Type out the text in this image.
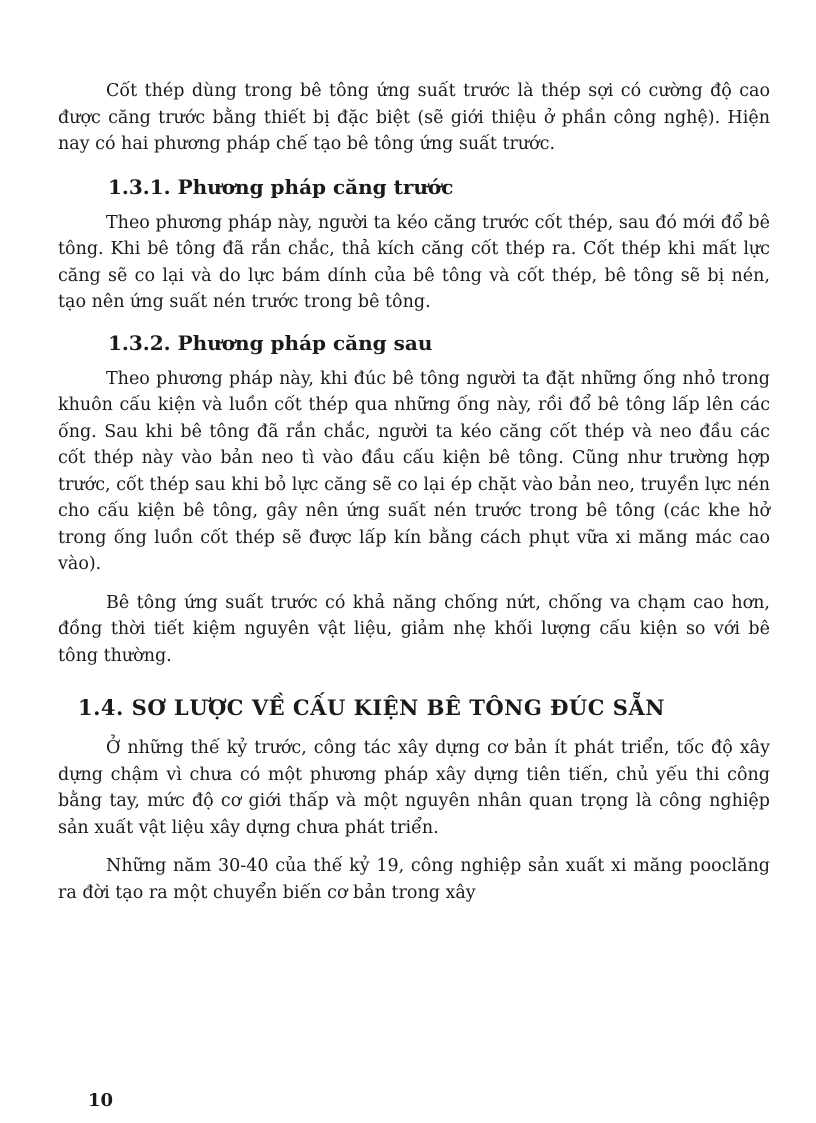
Cốt thép dùng trong bê tông ứng suất trước là thép sợi có cường độ cao được căng trước bằng thiết bị đặc biệt (sẽ giới thiệu ở phần công nghệ). Hiện nay có hai phương pháp chế tạo bê tông ứng suất trước.

1.3.1. Phương pháp căng trước

Theo phương pháp này, người ta kéo căng trước cốt thép, sau đó mới đổ bê tông. Khi bê tông đã rắn chắc, thả kích căng cốt thép ra. Cốt thép khi mất lực căng sẽ co lại và do lực bám dính của bê tông và cốt thép, bê tông sẽ bị nén, tạo nên ứng suất nén trước trong bê tông.

1.3.2. Phương pháp căng sau

Theo phương pháp này, khi đúc bê tông người ta đặt những ống nhỏ trong khuôn cấu kiện và luồn cốt thép qua những ống này, rồi đổ bê tông lấp lên các ống. Sau khi bê tông đã rắn chắc, người ta kéo căng cốt thép và neo đầu các cốt thép này vào bản neo tì vào đầu cấu kiện bê tông. Cũng như trường hợp trước, cốt thép sau khi bỏ lực căng sẽ co lại ép chặt vào bản neo, truyền lực nén cho cấu kiện bê tông, gây nên ứng suất nén trước trong bê tông (các khe hở trong ống luồn cốt thép sẽ được lấp kín bằng cách phụt vữa xi măng mác cao vào).

Bê tông ứng suất trước có khả năng chống nứt, chống va chạm cao hơn, đồng thời tiết kiệm nguyên vật liệu, giảm nhẹ khối lượng cấu kiện so với bê tông thường.

1.4. SƠ LƯỢC VỀ CẤU KIỆN BÊ TÔNG ĐÚC SẴN

Ở những thế kỷ trước, công tác xây dựng cơ bản ít phát triển, tốc độ xây dựng chậm vì chưa có một phương pháp xây dựng tiên tiến, chủ yếu thi công bằng tay, mức độ cơ giới thấp và một nguyên nhân quan trọng là công nghiệp sản xuất vật liệu xây dựng chưa phát triển.

Những năm 30-40 của thế kỷ 19, công nghiệp sản xuất xi măng pooclăng ra đời tạo ra một chuyển biến cơ bản trong xây

10
